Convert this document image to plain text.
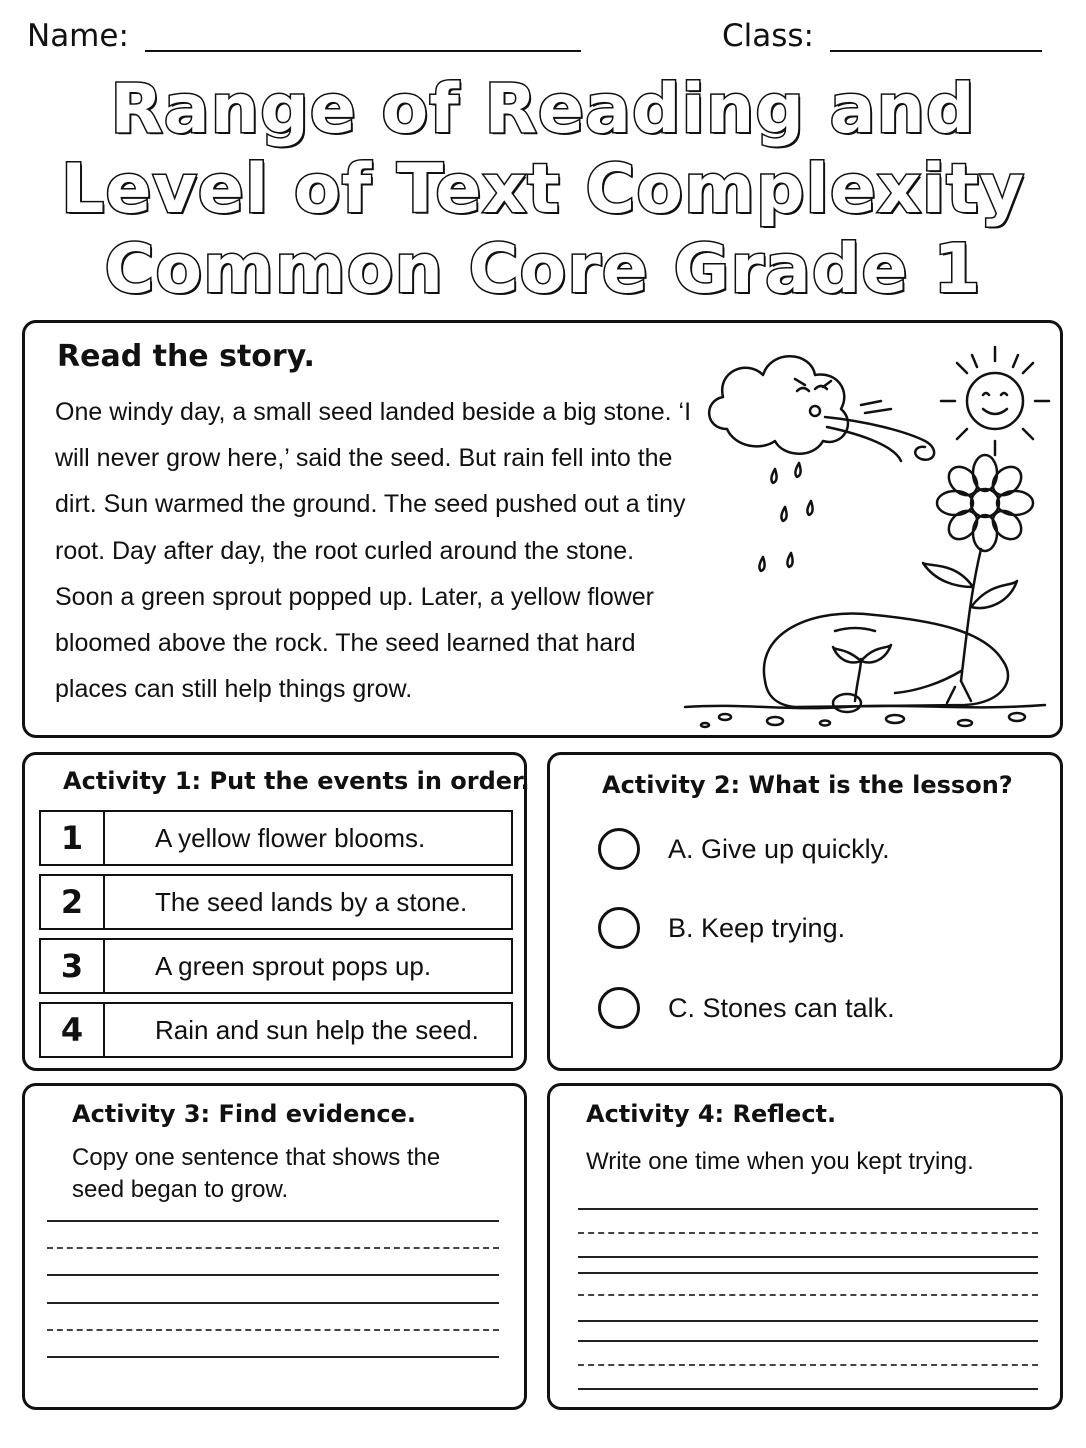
Name:	Class:
Range of Reading and
Level of Text Complexity
Common Core Grade 1
Read the story.
One windy day, a small seed landed beside a big stone. ‘I will never grow here,’ said the seed. But rain fell into the dirt. Sun warmed the ground. The seed pushed out a tiny root. Day after day, the root curled around the stone. Soon a green sprout popped up. Later, a yellow flower bloomed above the rock. The seed learned that hard places can still help things grow.
Activity 1: Put the events in order.
1	A yellow flower blooms.
2	The seed lands by a stone.
3	A green sprout pops up.
4	Rain and sun help the seed.
Activity 2: What is the lesson?
A. Give up quickly.
B. Keep trying.
C. Stones can talk.
Activity 3: Find evidence.
Copy one sentence that shows the
seed began to grow.
Activity 4: Reflect.
Write one time when you kept trying.
